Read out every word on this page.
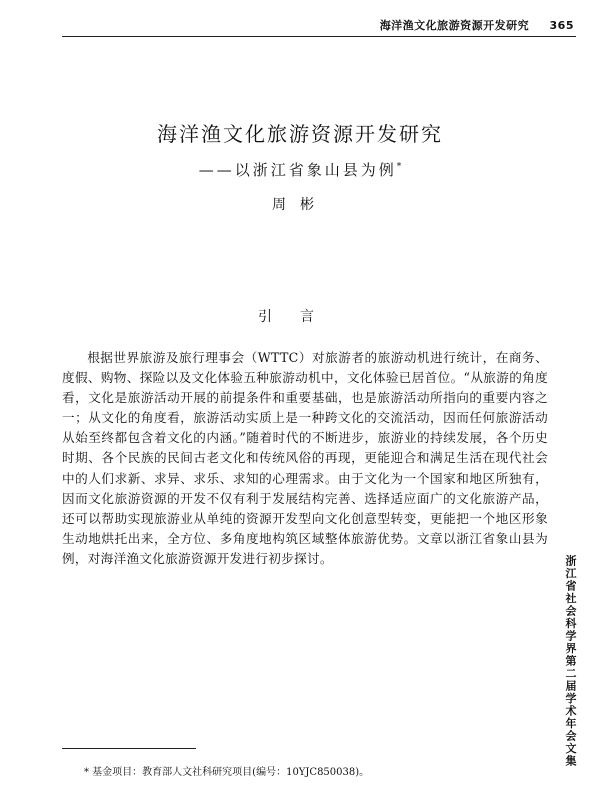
海洋渔文化旅游资源开发研究 365
海洋渔文化旅游资源开发研究
——以浙江省象山县为例*
周彬
引言

根据世界旅游及旅行理事会（WTTC）对旅游者的旅游动机进行统计，在商务、度假、购物、探险以及文化体验五种旅游动机中，文化体验已居首位。“从旅游的角度看，文化是旅游活动开展的前提条件和重要基础，也是旅游活动所指向的重要内容之一；从文化的角度看，旅游活动实质上是一种跨文化的交流活动，因而任何旅游活动从始至终都包含着文化的内涵。”随着时代的不断进步，旅游业的持续发展，各个历史时期、各个民族的民间古老文化和传统风俗的再现，更能迎合和满足生活在现代社会中的人们求新、求异、求乐、求知的心理需求。由于文化为一个国家和地区所独有，因而文化旅游资源的开发不仅有利于发展结构完善、选择适应面广的文化旅游产品，还可以帮助实现旅游业从单纯的资源开发型向文化创意型转变，更能把一个地区形象生动地烘托出来，全方位、多角度地构筑区域整体旅游优势。文章以浙江省象山县为例，对海洋渔文化旅游资源开发进行初步探讨。

* 基金项目：教育部人文社科研究项目(编号：10YJC850038)。
浙江省社会科学界第二届学术年会文集
